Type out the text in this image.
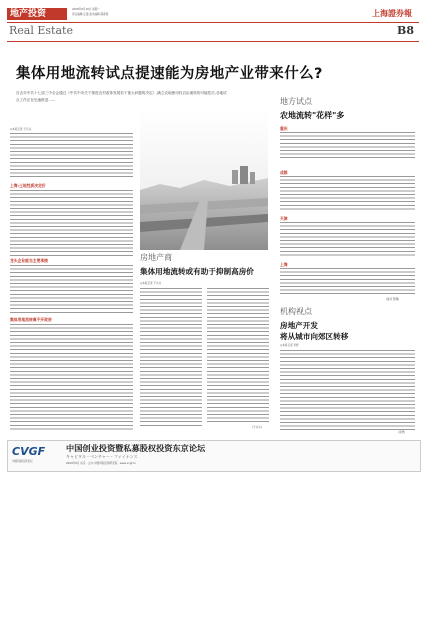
地产投资	2008年8月18日 星期一
责任编辑:汪强 美术编辑:郝春燕	上海證券報
Real Estate	B8
集体用地流转试点提速能为房地产业带来什么?
自去年中共十七届三中全会通过《中共中央关于推进农村改革发展若干重大问题的决定》,确立农地使用权自由流转的可能性后,各地试点工作正在迅速推进……
◎本报记者 于兵兵
上海:土地性质决定价
龙头企业能当主要承接
集体用地流转离不开政府
房地产商
集体用地流转或有助于抑制高房价
◎本报记者 于兵兵
(于兵兵)
地方试点
农地流转"花样"多
重庆
成都
天津
上海
(鲁远 整理)
机构视点
房地产开发
将从城市向郊区转移
◎本报记者 李舒
(李舒)
CVGF
中国风险投资论坛
中国创业投资暨私募股权投资东京论坛
キャピタル・ベンチャー・ファイナンス
2009年8月 东京 · 主办:中国风险投资研究院 · www.vcgf.cn
